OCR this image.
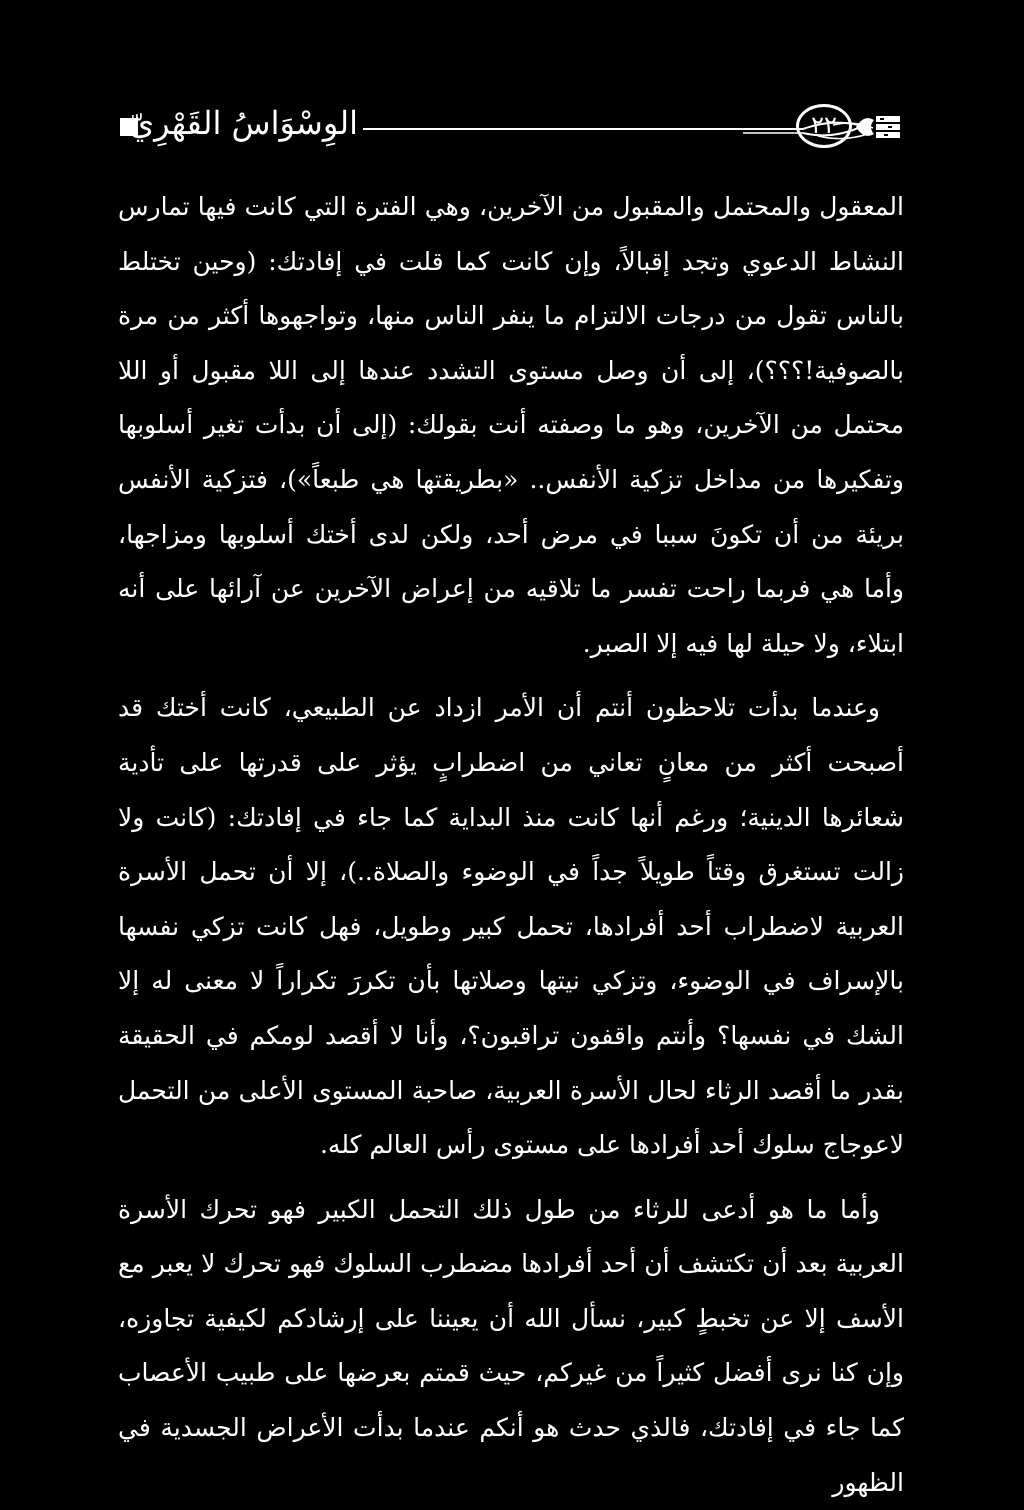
الوِسْوَاسُ القَهْرِيّ	٢٢

المعقول والمحتمل والمقبول من الآخرين، وهي الفترة التي كانت فيها تمارس النشاط الدعوي وتجد إقبالاً، وإن كانت كما قلت في إفادتك: (وحين تختلط بالناس تقول من درجات الالتزام ما ينفر الناس منها، وتواجهوها أكثر من مرة بالصوفية!؟؟؟)، إلى أن وصل مستوى التشدد عندها إلى اللا مقبول أو اللا محتمل من الآخرين، وهو ما وصفته أنت بقولك: (إلى أن بدأت تغير أسلوبها وتفكيرها من مداخل تزكية الأنفس.. «بطريقتها هي طبعاً»)، فتزكية الأنفس بريئة من أن تكونَ سببا في مرض أحد، ولكن لدى أختك أسلوبها ومزاجها، وأما هي فربما راحت تفسر ما تلاقيه من إعراض الآخرين عن آرائها على أنه ابتلاء، ولا حيلة لها فيه إلا الصبر.

وعندما بدأت تلاحظون أنتم أن الأمر ازداد عن الطبيعي، كانت أختك قد أصبحت أكثر من معانٍ تعاني من اضطرابٍ يؤثر على قدرتها على تأدية شعائرها الدينية؛ ورغم أنها كانت منذ البداية كما جاء في إفادتك: (كانت ولا زالت تستغرق وقتاً طويلاً جداً في الوضوء والصلاة..)، إلا أن تحمل الأسرة العربية لاضطراب أحد أفرادها، تحمل كبير وطويل، فهل كانت تزكي نفسها بالإسراف في الوضوء، وتزكي نيتها وصلاتها بأن تكررَ تكراراً لا معنى له إلا الشك في نفسها؟ وأنتم واقفون تراقبون؟، وأنا لا أقصد لومكم في الحقيقة بقدر ما أقصد الرثاء لحال الأسرة العربية، صاحبة المستوى الأعلى من التحمل لاعوجاج سلوك أحد أفرادها على مستوى رأس العالم كله.

وأما ما هو أدعى للرثاء من طول ذلك التحمل الكبير فهو تحرك الأسرة العربية بعد أن تكتشف أن أحد أفرادها مضطرب السلوك فهو تحرك لا يعبر مع الأسف إلا عن تخبطٍ كبير، نسأل الله أن يعيننا على إرشادكم لكيفية تجاوزه، وإن كنا نرى أفضل كثيراً من غيركم، حيث قمتم بعرضها على طبيب الأعصاب كما جاء في إفادتك، فالذي حدث هو أنكم عندما بدأت الأعراض الجسدية في الظهور
